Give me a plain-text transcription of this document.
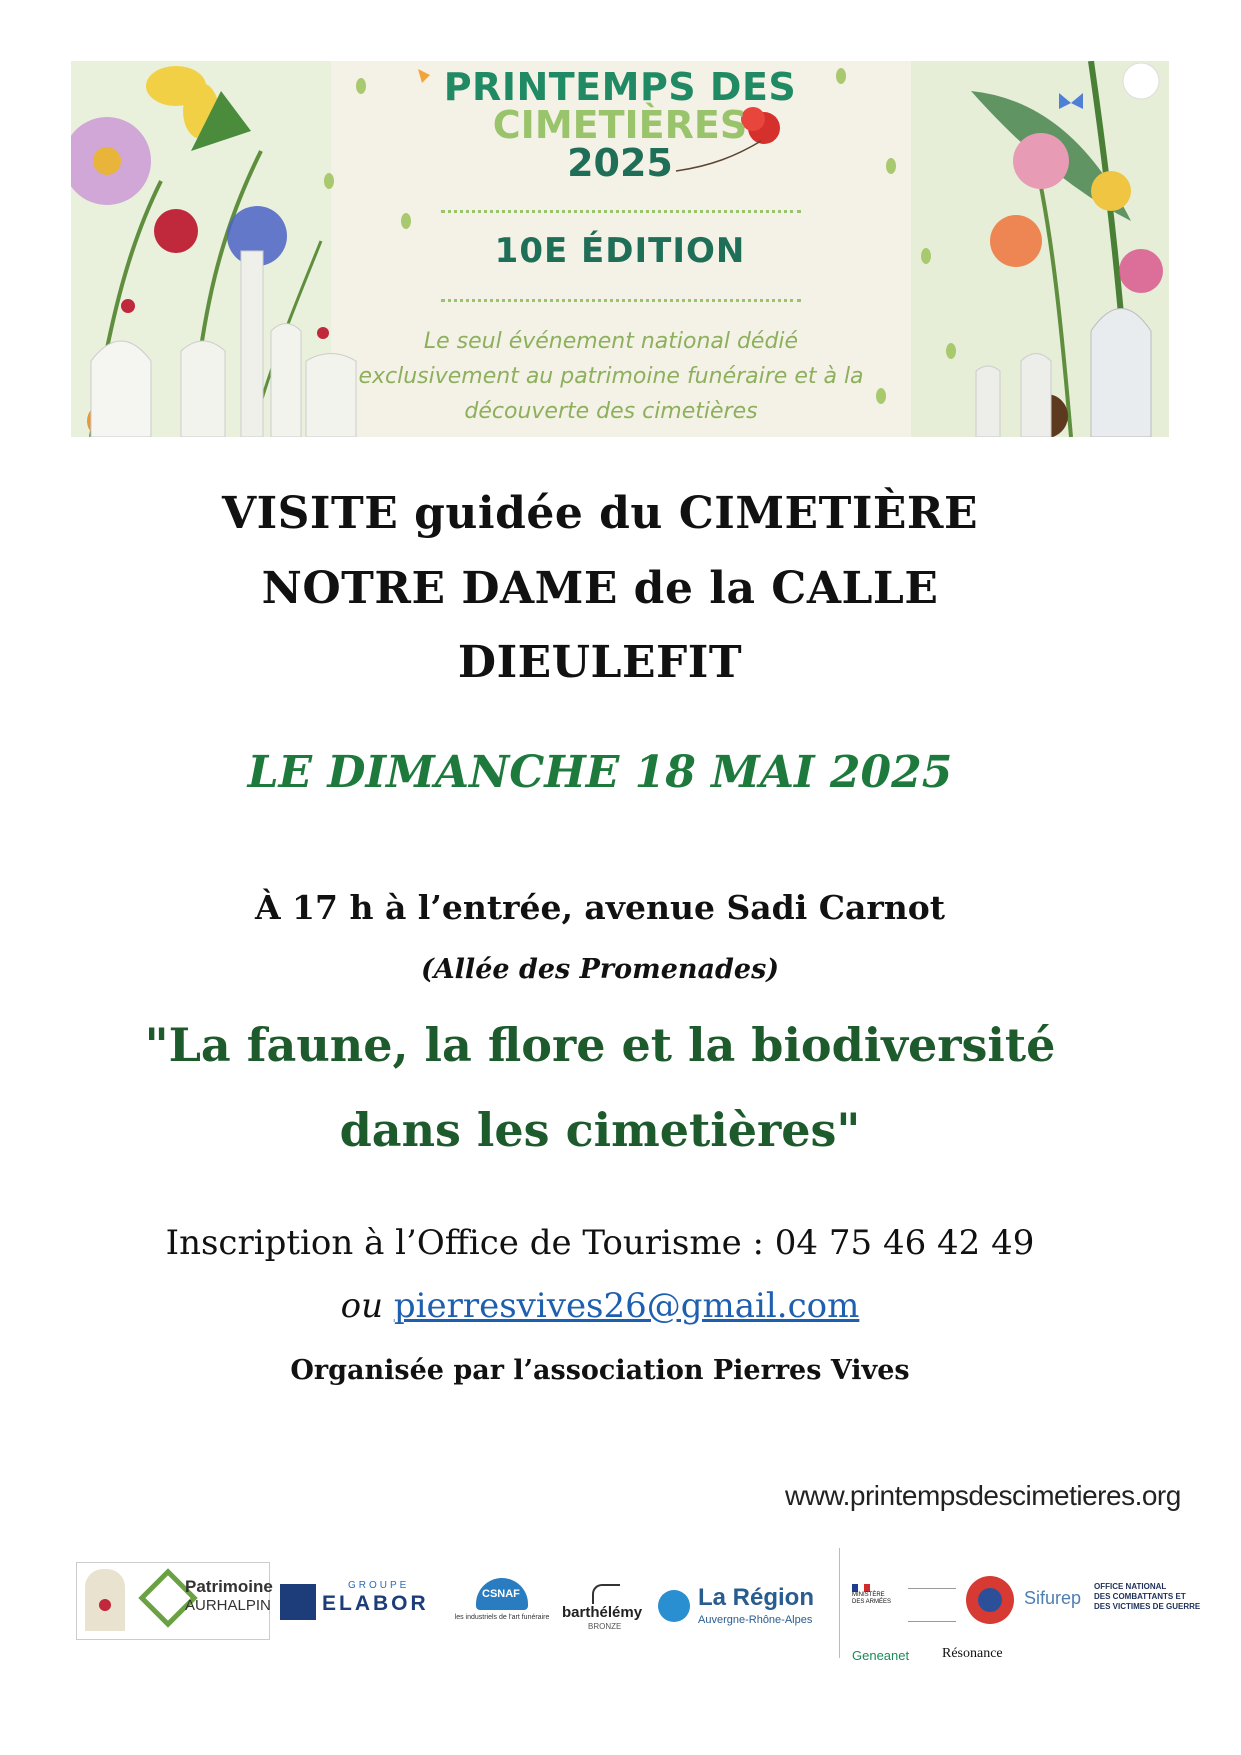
PRINTEMPS DES
CIMETIÈRES
2025
10E ÉDITION
Le seul événement national dédié
exclusivement au patrimoine funéraire et à la
découverte des cimetières
VISITE guidée du CIMETIÈRE
NOTRE DAME de la CALLE
DIEULEFIT
LE DIMANCHE 18 MAI 2025
À 17 h à l’entrée, avenue Sadi Carnot
(Allée des Promenades)
"La faune, la flore et la biodiversité
dans les cimetières"
Inscription à l’Office de Tourisme : 04 75 46 42 49
ou pierresvives26@gmail.com
Organisée par l’association Pierres Vives
www.printempsdescimetieres.org
Patrimoine
AURHALPIN
GROUPE
ELABOR	CSNAF
les industriels de l'art funéraire barthélémy
BRONZE
La Région
Auvergne-Rhône-Alpes
MINISTÈRE DES ARMÉES	Sifurep
OFFICE NATIONAL
DES COMBATTANTS ET
DES VICTIMES DE GUERRE
Geneanet Résonance
